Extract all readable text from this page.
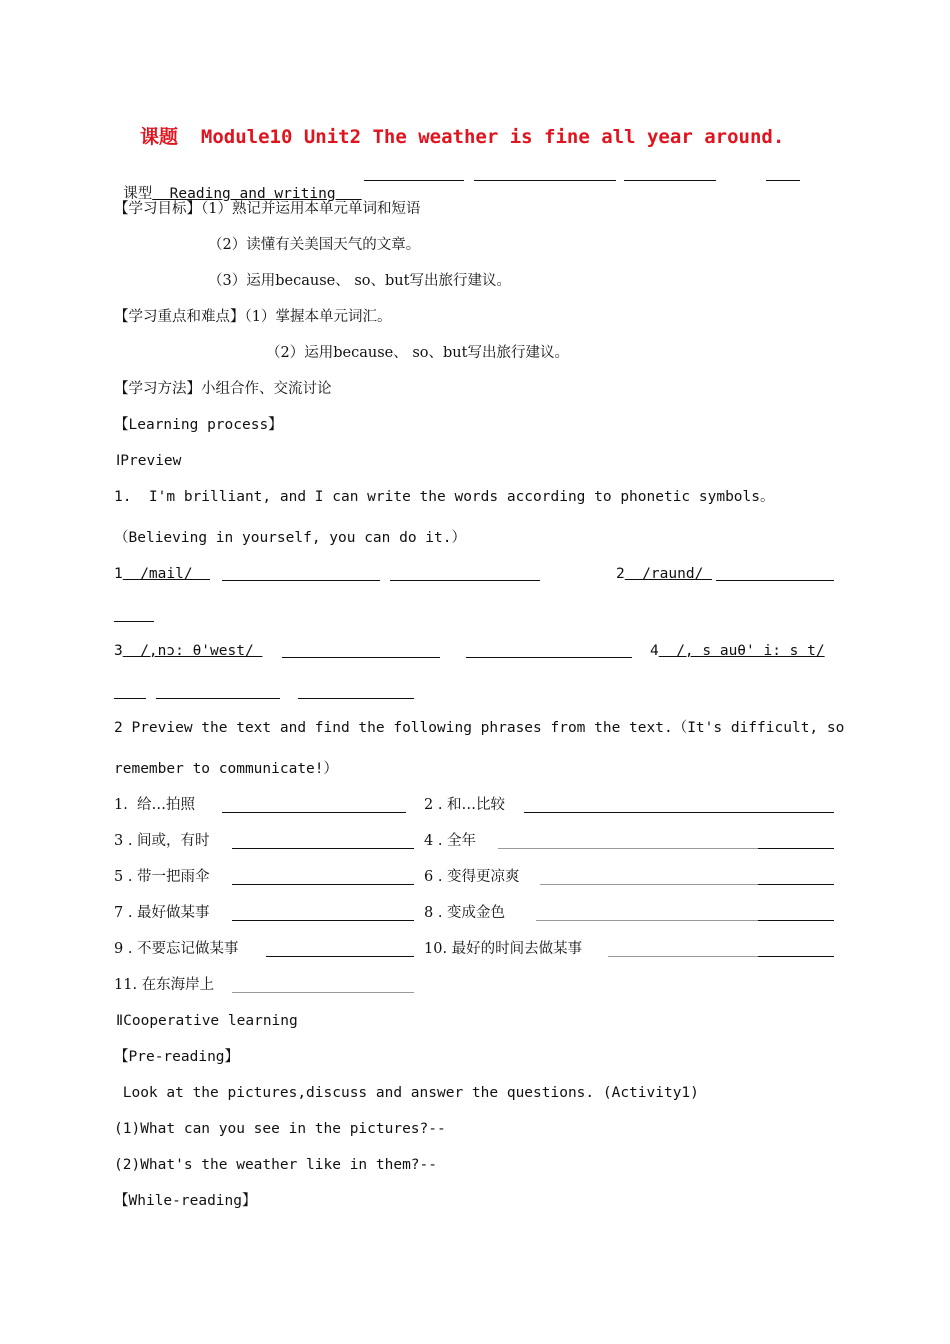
课题  Module10 Unit2 The weather is fine all year around.

课型  Reading and writing

【学习目标】（1）熟记并运用本单元单词和短语
（2）读懂有关美国天气的文章。
（3）运用because、 so、but写出旅行建议。
【学习重点和难点】（1）掌握本单元词汇。
（2）运用because、 so、but写出旅行建议。
【学习方法】小组合作、交流讨论
【Learning process】
ⅠPreview
1.  I'm brilliant, and I can write the words according to phonetic symbols。
（Believing in yourself, you can do it.）
1  /mail/	2  /raund/
3  /,nɔ: θ'west/	4  /, s auθ' i: s t/
2 Preview the text and find the following phrases from the text.（It's difficult, so
remember to communicate!）
1.  给…拍照	2 . 和…比较
3 . 间或，有时	4 . 全年
5 . 带一把雨伞	6 . 变得更凉爽
7 . 最好做某事	8 . 变成金色
9 . 不要忘记做某事	10. 最好的时间去做某事
11. 在东海岸上
ⅡCooperative learning
【Pre-reading】
Look at the pictures,discuss and answer the questions. (Activity1)
(1)What can you see in the pictures?--
(2)What's the weather like in them?--
【While-reading】
